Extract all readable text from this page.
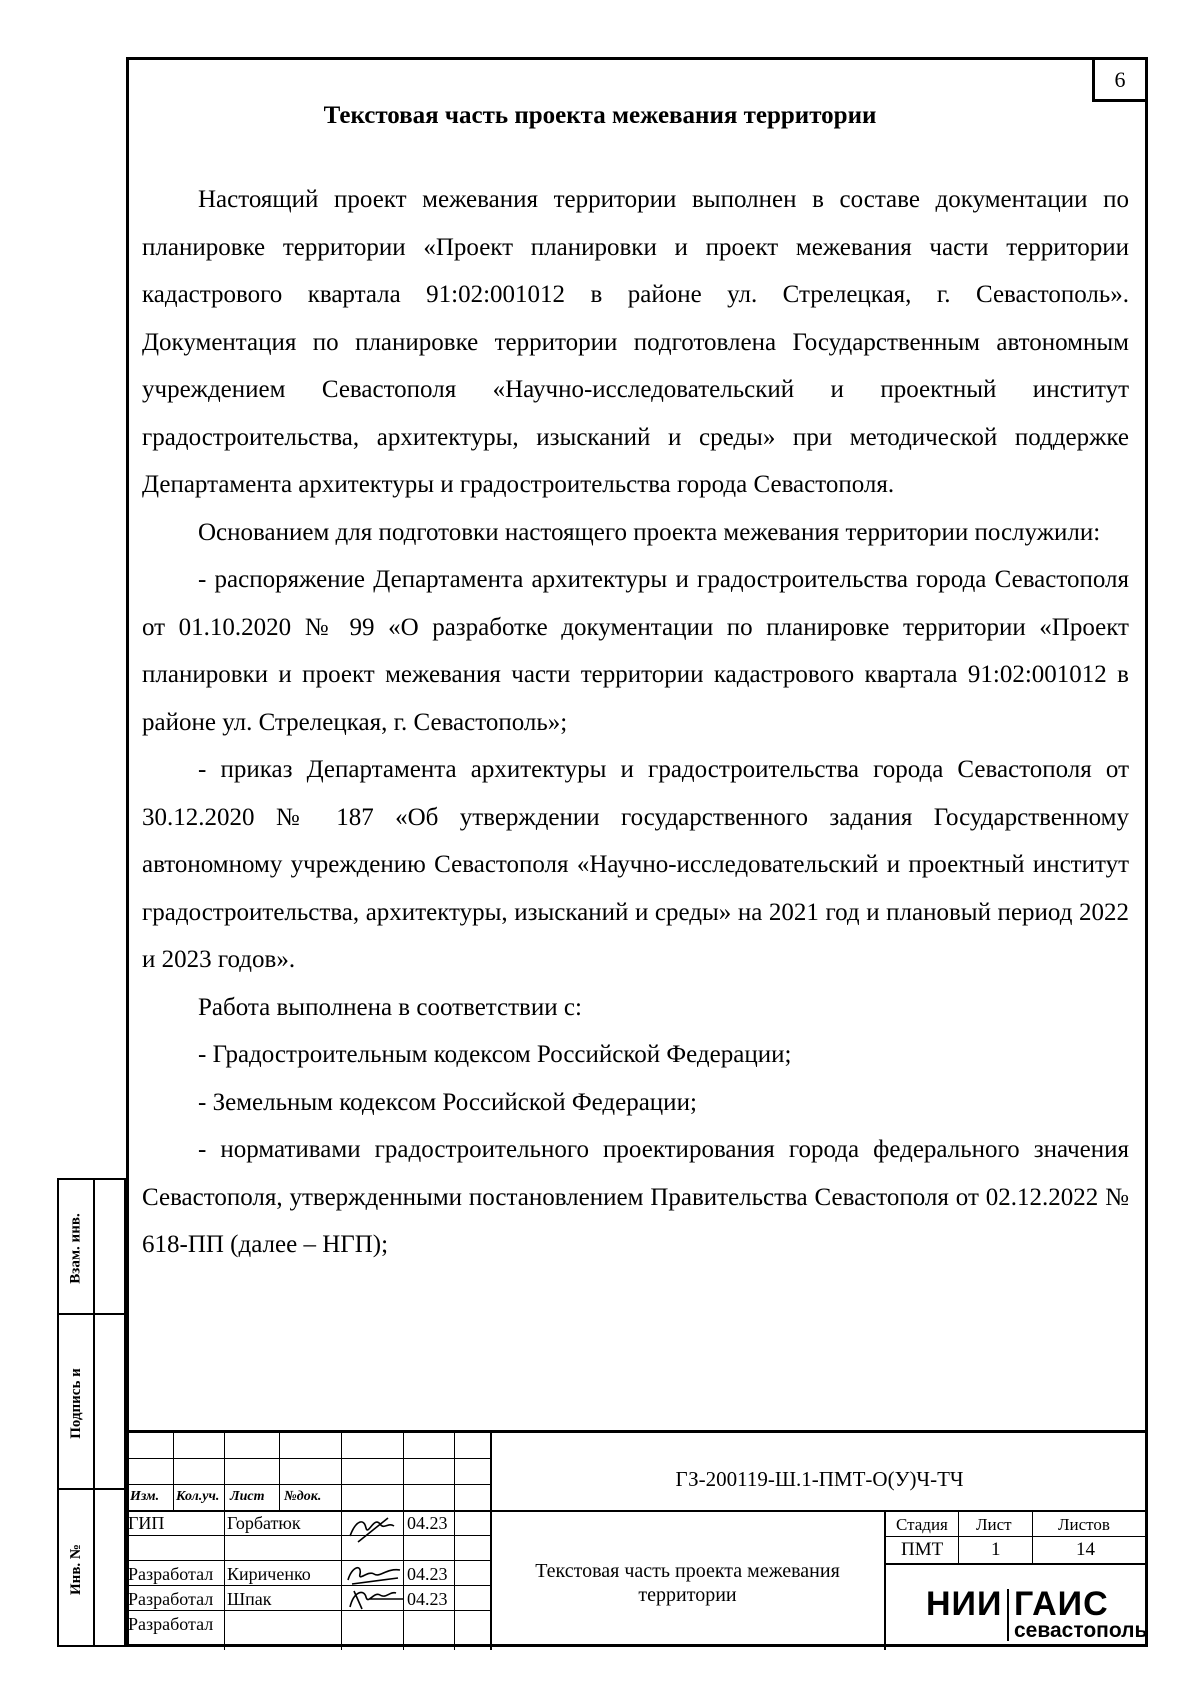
6
Текстовая часть проекта межевания территории

Настоящий проект межевания территории выполнен в составе документации по планировке территории «Проект планировки и проект межевания части территории кадастрового квартала 91:02:001012 в районе ул. Стрелецкая, г. Севастополь». Документация по планировке территории подготовлена Государственным автономным учреждением Севастополя «Научно-исследовательский и проектный институт градостроительства, архитектуры, изысканий и среды» при методической поддержке Департамента архитектуры и градостроительства города Севастополя.

Основанием для подготовки настоящего проекта межевания территории послужили:

- распоряжение Департамента архитектуры и градостроительства города Севастополя от 01.10.2020 № 99 «О разработке документации по планировке территории «Проект планировки и проект межевания части территории кадастрового квартала 91:02:001012 в районе ул. Стрелецкая, г. Севастополь»;

- приказ Департамента архитектуры и градостроительства города Севастополя от 30.12.2020 № 187 «Об утверждении государственного задания Государственному автономному учреждению Севастополя «Научно-исследовательский и проектный институт градостроительства, архитектуры, изысканий и среды» на 2021 год и плановый период 2022 и 2023 годов».

Работа выполнена в соответствии с:

- Градостроительным кодексом Российской Федерации;

- Земельным кодексом Российской Федерации;

- нормативами градостроительного проектирования города федерального значения Севастополя, утвержденными постановлением Правительства Севастополя от 02.12.2022 № 618-ПП (далее – НГП);

Взам. инв.
Подпись и
Инв. №
Изм. Кол.уч. Лист №док.
ГИП	Горбатюк	04.23
Разработал Кириченко	04.23
Разработал Шпак	04.23
Разработал
ГЗ-200119-Ш.1-ПМТ-О(У)Ч-ТЧ
Текстовая часть проекта межевания территории
Стадия Лист	Листов
ПМТ	1	14
НИИ ГАИС
севастополь
